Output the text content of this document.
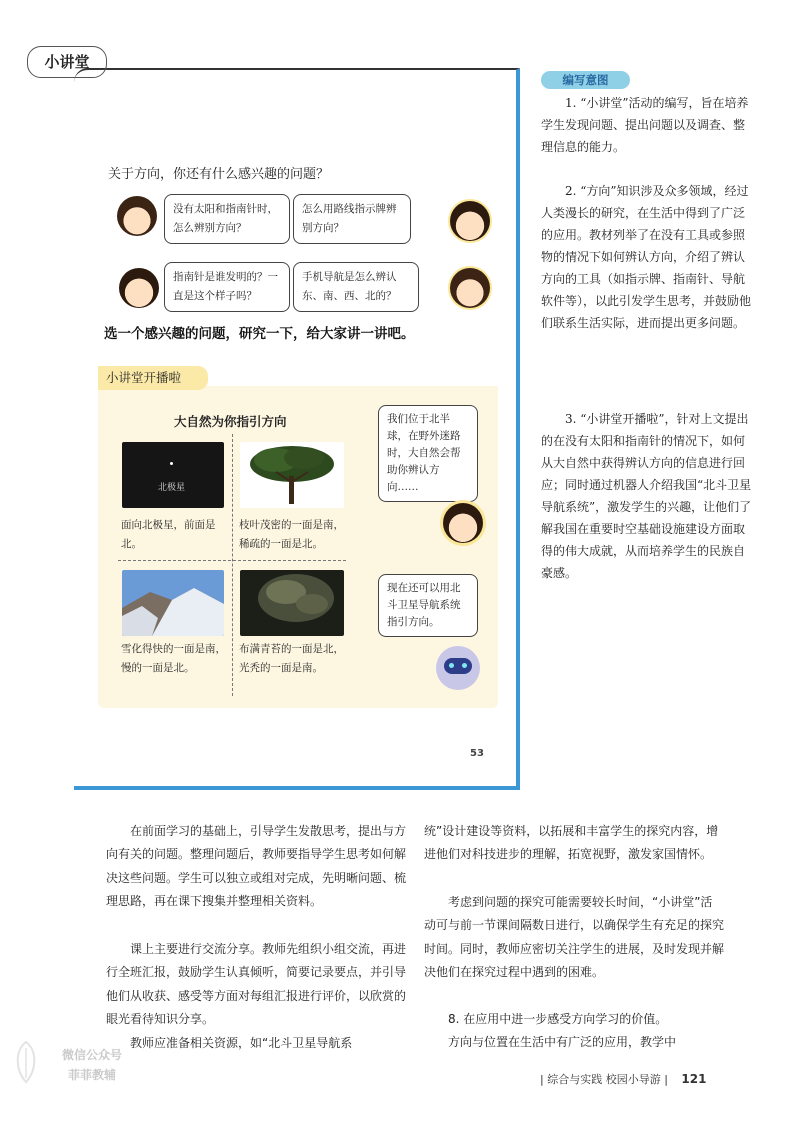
小讲堂
关于方向，你还有什么感兴趣的问题？
没有太阳和指南针时，怎么辨别方向？
怎么用路线指示牌辨别方向？
指南针是谁发明的？一直是这个样子吗？
手机导航是怎么辨认东、南、西、北的？
选一个感兴趣的问题，研究一下，给大家讲一讲吧。
小讲堂开播啦
大自然为你指引方向
北极星
面向北极星，前面是北。
枝叶茂密的一面是南，稀疏的一面是北。
雪化得快的一面是南，慢的一面是北。
布满青苔的一面是北，光秃的一面是南。
我们位于北半球，在野外迷路时，大自然会帮助你辨认方向……
现在还可以用北斗卫星导航系统指引方向。
53
编写意图

1. “小讲堂”活动的编写，旨在培养学生发现问题、提出问题以及调查、整理信息的能力。

2. “方向”知识涉及众多领域，经过人类漫长的研究，在生活中得到了广泛的应用。教材列举了在没有工具或参照物的情况下如何辨认方向，介绍了辨认方向的工具（如指示牌、指南针、导航软件等），以此引发学生思考，并鼓励他们联系生活实际，进而提出更多问题。

3. “小讲堂开播啦”，针对上文提出的在没有太阳和指南针的情况下，如何从大自然中获得辨认方向的信息进行回应；同时通过机器人介绍我国“北斗卫星导航系统”，激发学生的兴趣，让他们了解我国在重要时空基础设施建设方面取得的伟大成就，从而培养学生的民族自豪感。

在前面学习的基础上，引导学生发散思考，提出与方向有关的问题。整理问题后，教师要指导学生思考如何解决这些问题。学生可以独立或组对完成，先明晰问题、梳理思路，再在课下搜集并整理相关资料。

课上主要进行交流分享。教师先组织小组交流，再进行全班汇报，鼓励学生认真倾听，简要记录要点，并引导他们从收获、感受等方面对每组汇报进行评价，以欣赏的眼光看待知识分享。

教师应准备相关资源，如“北斗卫星导航系

统”设计建设等资料，以拓展和丰富学生的探究内容，增进他们对科技进步的理解，拓宽视野，激发家国情怀。

考虑到问题的探究可能需要较长时间，“小讲堂”活动可与前一节课间隔数日进行，以确保学生有充足的探究时间。同时，教师应密切关注学生的进展，及时发现并解决他们在探究过程中遇到的困难。

8. 在应用中进一步感受方向学习的价值。

方向与位置在生活中有广泛的应用，教学中

| 综合与实践 校园小导游 | 121
微信公众号
菲菲教辅
